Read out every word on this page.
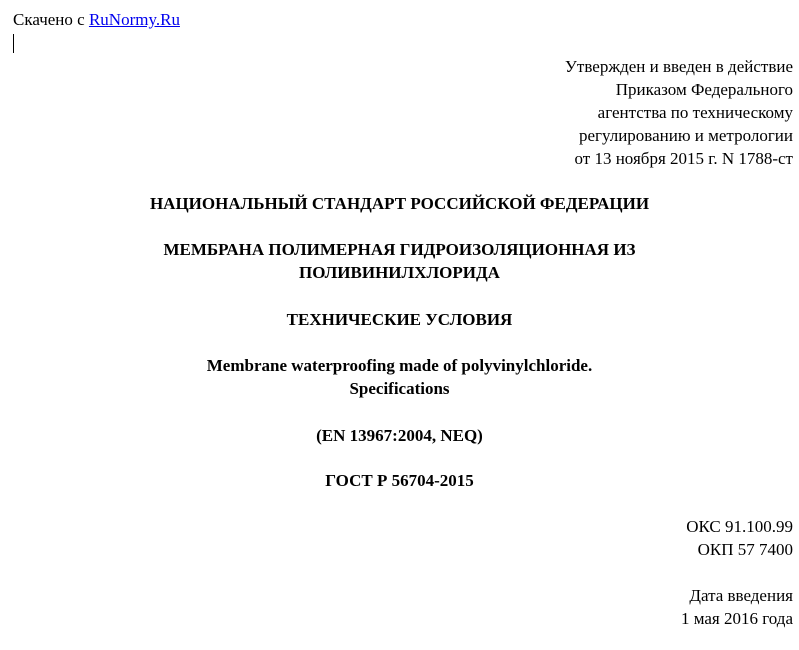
Скачено с RuNormy.Ru
Утвержден и введен в действие
Приказом Федерального
агентства по техническому
регулированию и метрологии
от 13 ноября 2015 г. N 1788-ст
НАЦИОНАЛЬНЫЙ СТАНДАРТ РОССИЙСКОЙ ФЕДЕРАЦИИ
МЕМБРАНА ПОЛИМЕРНАЯ ГИДРОИЗОЛЯЦИОННАЯ ИЗ
ПОЛИВИНИЛХЛОРИДА
ТЕХНИЧЕСКИЕ УСЛОВИЯ
Membrane waterproofing made of polyvinylchloride.
Specifications
(EN 13967:2004, NEQ)
ГОСТ Р 56704-2015
ОКС 91.100.99
ОКП 57 7400
Дата введения
1 мая 2016 года
